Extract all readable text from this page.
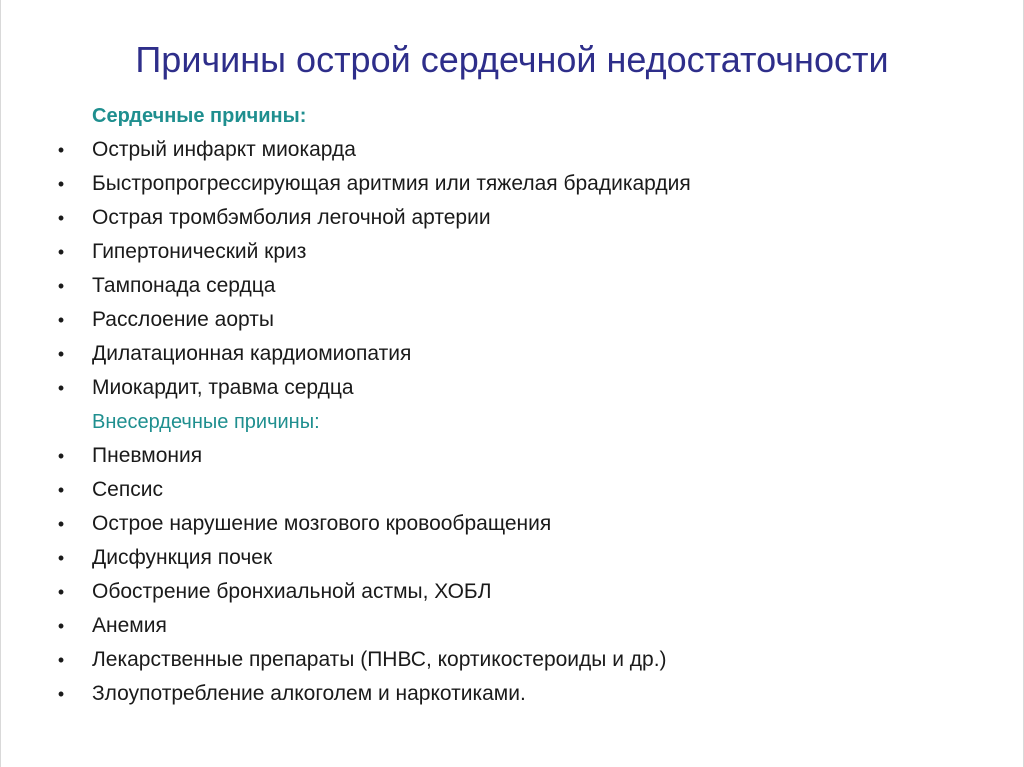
Причины острой сердечной недостаточности
Сердечные причины:
• Острый инфаркт миокарда
• Быстропрогрессирующая аритмия или тяжелая брадикардия
• Острая тромбэмболия легочной артерии
• Гипертонический криз
• Тампонада сердца
• Расслоение аорты
• Дилатационная кардиомиопатия
• Миокардит, травма сердца
Внесердечные причины:
• Пневмония
• Сепсис
• Острое нарушение мозгового кровообращения
• Дисфункция почек
• Обострение бронхиальной астмы, ХОБЛ
• Анемия
• Лекарственные препараты (ПНВС, кортикостероиды и др.)
• Злоупотребление алкоголем и наркотиками.
